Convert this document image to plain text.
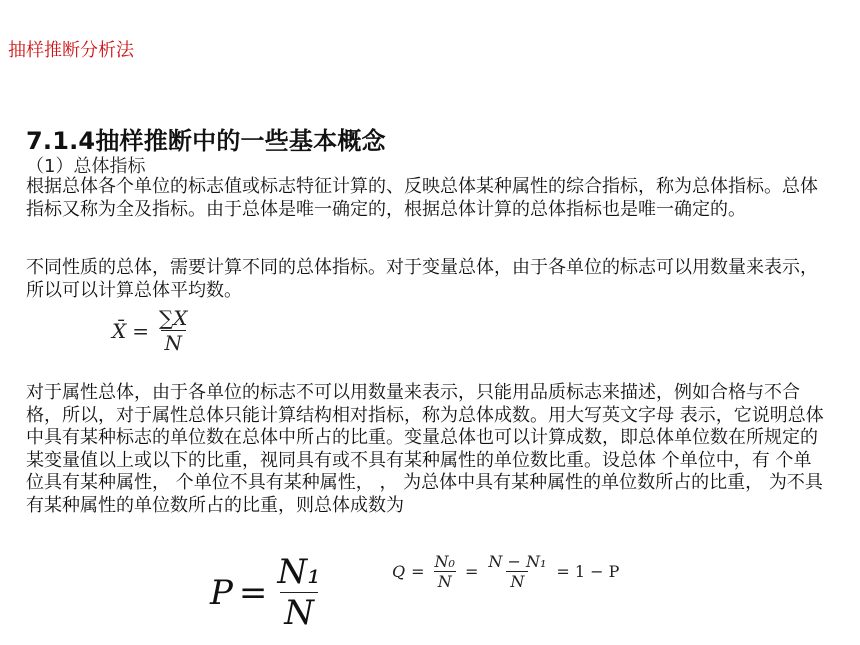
抽样推断分析法
7.1.4抽样推断中的一些基本概念
（1）总体指标
根据总体各个单位的标志值或标志特征计算的、反映总体某种属性的综合指标，称为总体指标。总体指标又称为全及指标。由于总体是唯一确定的，根据总体计算的总体指标也是唯一确定的。
不同性质的总体，需要计算不同的总体指标。对于变量总体，由于各单位的标志可以用数量来表示，所以可以计算总体平均数。
X̄ = $\frac{\sum X}{N}$
对于属性总体，由于各单位的标志不可以用数量来表示，只能用品质标志来描述，例如合格与不合格，所以，对于属性总体只能计算结构相对指标，称为总体成数。用大写英文字母 表示，它说明总体中具有某种标志的单位数在总体中所占的比重。变量总体也可以计算成数，即总体单位数在所规定的某变量值以上或以下的比重，视同具有或不具有某种属性的单位数比重。设总体 个单位中，有 个单位具有某种属性， 个单位不具有某种属性， ， 为总体中具有某种属性的单位数所占的比重， 为不具有某种属性的单位数所占的比重，则总体成数为
$P = \frac{\text{N₁}}{N}$	$Q = \frac{\text{N₀}}{N} = \frac{\text{N − N₁}}{N} = 1 - P$
